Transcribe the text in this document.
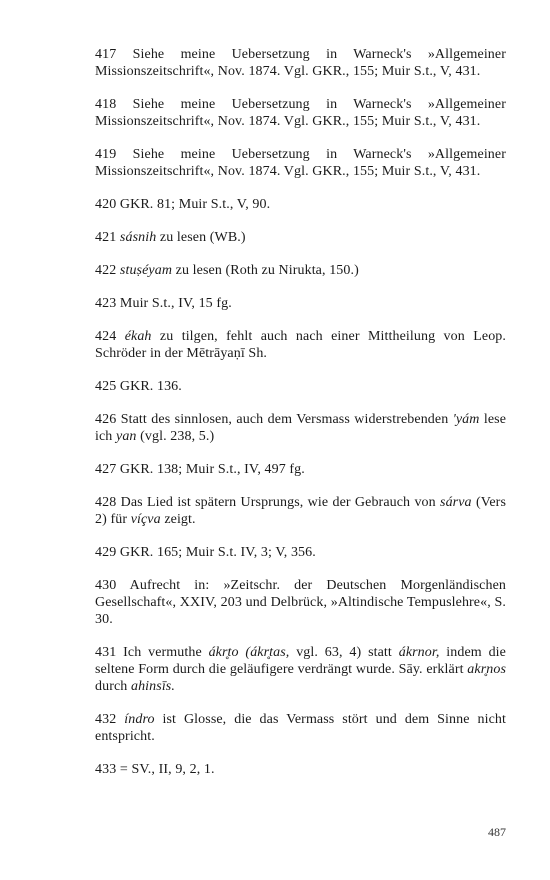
417 Siehe meine Uebersetzung in Warneck's »Allgemeiner Missionszeitschrift«, Nov. 1874. Vgl. GKR., 155; Muir S.t., V, 431.

418 Siehe meine Uebersetzung in Warneck's »Allgemeiner Missionszeitschrift«, Nov. 1874. Vgl. GKR., 155; Muir S.t., V, 431.

419 Siehe meine Uebersetzung in Warneck's »Allgemeiner Missionszeitschrift«, Nov. 1874. Vgl. GKR., 155; Muir S.t., V, 431.

420 GKR. 81; Muir S.t., V, 90.

421 sásnih zu lesen (WB.)

422 stuṣéyam zu lesen (Roth zu Nirukta, 150.)

423 Muir S.t., IV, 15 fg.

424 ékah zu tilgen, fehlt auch nach einer Mittheilung von Leop. Schröder in der Mētrāyaṇī Sh.

425 GKR. 136.

426 Statt des sinnlosen, auch dem Versmass widerstrebenden 'yám lese ich yan (vgl. 238, 5.)

427 GKR. 138; Muir S.t., IV, 497 fg.

428 Das Lied ist spätern Ursprungs, wie der Gebrauch von sárva (Vers 2) für víçva zeigt.

429 GKR. 165; Muir S.t. IV, 3; V, 356.

430 Aufrecht in: »Zeitschr. der Deutschen Morgenländischen Gesellschaft«, XXIV, 203 und Delbrück, »Altindische Tempuslehre«, S. 30.

431 Ich vermuthe ákr̥to (ákr̥tas, vgl. 63, 4) statt ákrnor, indem die seltene Form durch die geläufigere verdrängt wurde. Sāy. erklärt akr̥nos durch ahinsīs.

432 índro ist Glosse, die das Vermass stört und dem Sinne nicht entspricht.

433 = SV., II, 9, 2, 1.

487
